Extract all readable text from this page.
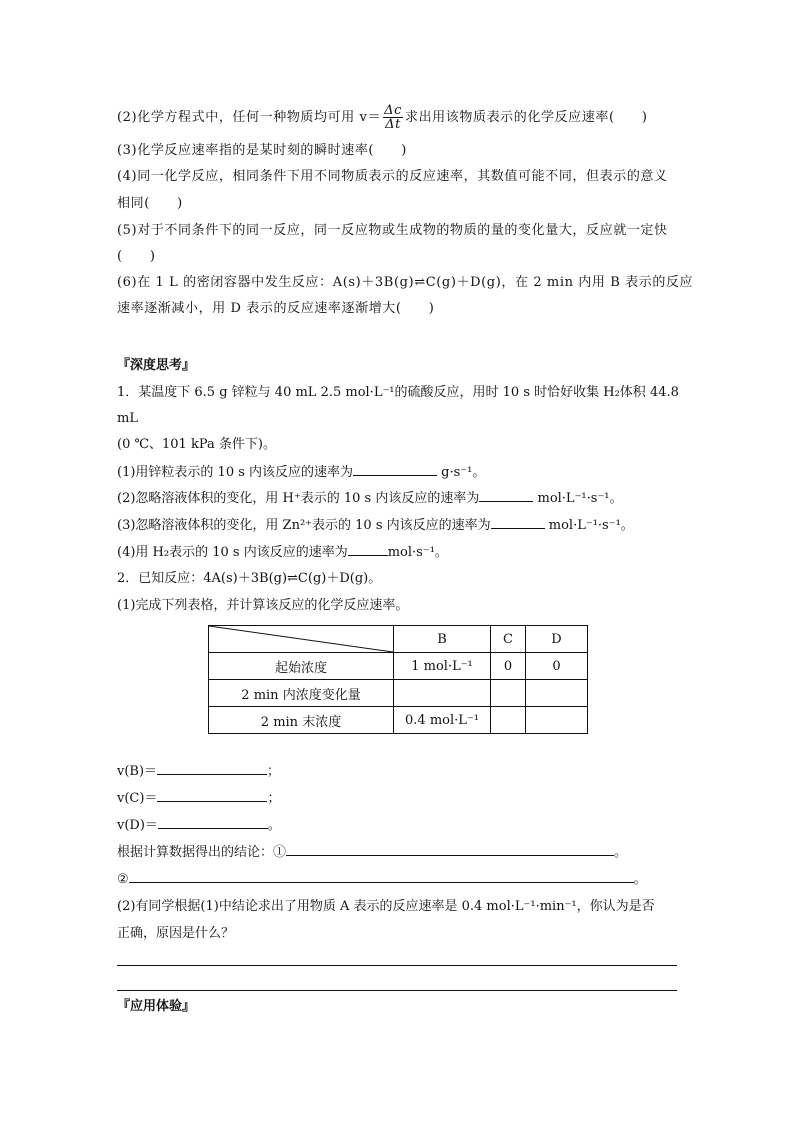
(2)化学方程式中，任何一种物质均可用 $v= \frac{\Delta c}{\Delta t}$ 求出用该物质表示的化学反应速率(　　)
(3)化学反应速率指的是某时刻的瞬时速率(　　)
(4)同一化学反应，相同条件下用不同物质表示的反应速率，其数值可能不同，但表示的意义
相同(　　)
(5)对于不同条件下的同一反应，同一反应物或生成物的物质的量的变化量大，反应就一定快
(　　)
(6)在 1 L 的密闭容器中发生反应：A(s)＋3B(g)⇌C(g)＋D(g)，在 2 min 内用 B 表示的反应
速率逐渐减小，用 D 表示的反应速率逐渐增大(　　)
『深度思考』
1．某温度下 6.5 g 锌粒与 40 mL 2.5 mol·L⁻¹的硫酸反应，用时 10 s 时恰好收集 H₂体积 44.8
mL
(0 ℃、101 kPa 条件下)。
(1)用锌粒表示的 10 s 内该反应的速率为	g·s⁻¹。
(2)忽略溶液体积的变化，用 H⁺表示的 10 s 内该反应的速率为	mol·L⁻¹·s⁻¹。
(3)忽略溶液体积的变化，用 Zn²⁺表示的 10 s 内该反应的速率为	mol·L⁻¹·s⁻¹。
(4)用 H₂表示的 10 s 内该反应的速率为	mol·s⁻¹。
2．已知反应：4A(s)＋3B(g)⇌C(g)＋D(g)。
(1)完成下列表格，并计算该反应的化学反应速率。
	B	C	D
起始浓度	1 mol·L⁻¹	0	0
2 min 内浓度变化量			
2 min 末浓度	0.4 mol·L⁻¹		
v(B)＝	；
v(C)＝	；
v(D)＝	。
根据计算数据得出的结论：①	。
②	。
(2)有同学根据(1)中结论求出了用物质 A 表示的反应速率是 0.4 mol·L⁻¹·min⁻¹，你认为是否
正确，原因是什么？
『应用体验』
